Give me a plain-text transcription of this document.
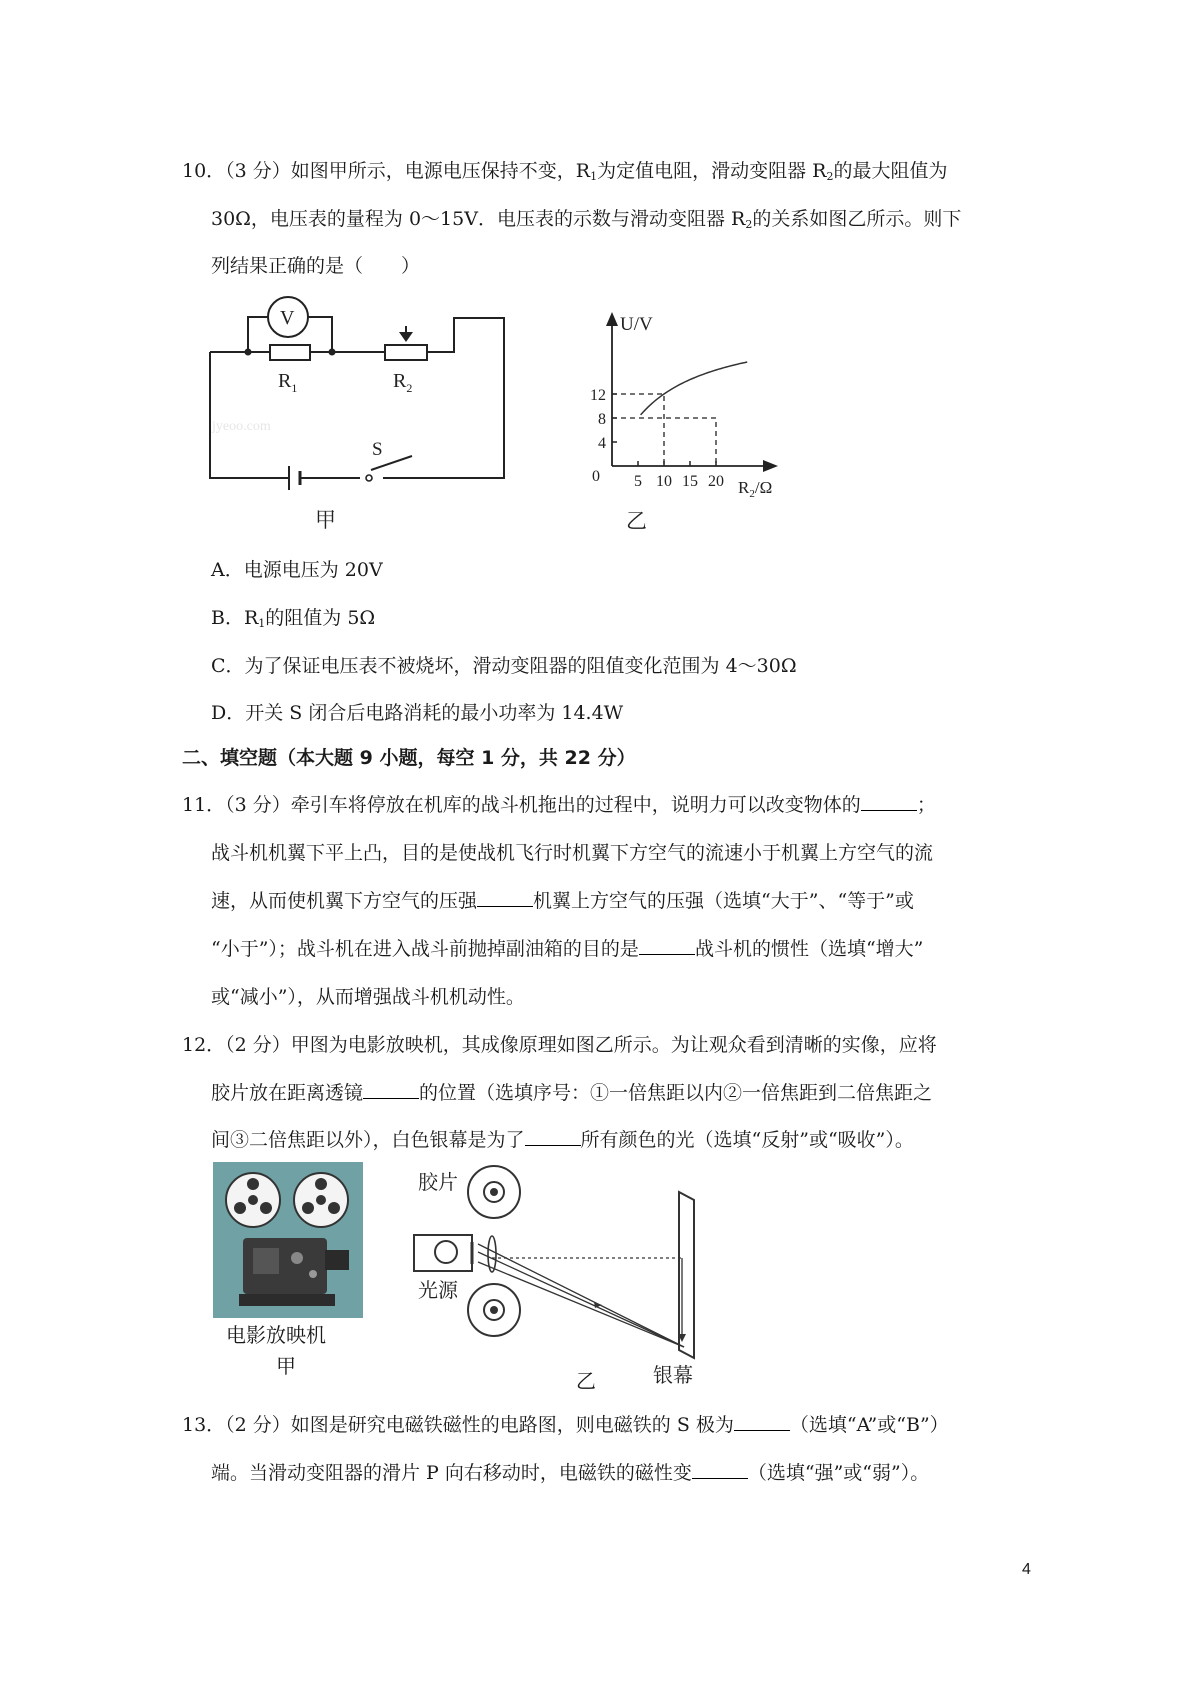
10．（3 分）如图甲所示，电源电压保持不变，$R_1$为定值电阻，滑动变阻器 $R_2$的最大阻值为
30Ω，电压表的量程为 0～15V．电压表的示数与滑动变阻器 $R_2$的关系如图乙所示。则下
列结果正确的是（　　）
V
$R_1$	$R_2$
S
jyeoo.com
甲
U/V
$R_2/\Omega$
0
12
8
4
5 10 15 20
乙
A．电源电压为 20V
B．$R_1$的阻值为 5Ω
C．为了保证电压表不被烧坏，滑动变阻器的阻值变化范围为 4～30Ω
D．开关 S 闭合后电路消耗的最小功率为 14.4W
二、填空题（本大题 9 小题，每空 1 分，共 22 分）
11．（3 分）牵引车将停放在机库的战斗机拖出的过程中，说明力可以改变物体的	；
战斗机机翼下平上凸，目的是使战机飞行时机翼下方空气的流速小于机翼上方空气的流
速，从而使机翼下方空气的压强	机翼上方空气的压强（选填“大于”、“等于”或
“小于”）；战斗机在进入战斗前抛掉副油箱的目的是	战斗机的惯性（选填“增大”
或“减小”），从而增强战斗机机动性。
12．（2 分）甲图为电影放映机，其成像原理如图乙所示。为让观众看到清晰的实像，应将
胶片放在距离透镜	的位置（选填序号：①一倍焦距以内②一倍焦距到二倍焦距之
间③二倍焦距以外），白色银幕是为了	所有颜色的光（选填“反射”或“吸收”）。
电影放映机
甲
胶片
光源
银幕
乙
13．（2 分）如图是研究电磁铁磁性的电路图，则电磁铁的 S 极为	（选填“A”或“B”）
端。当滑动变阻器的滑片 P 向右移动时，电磁铁的磁性变	（选填“强”或“弱”）。
4
